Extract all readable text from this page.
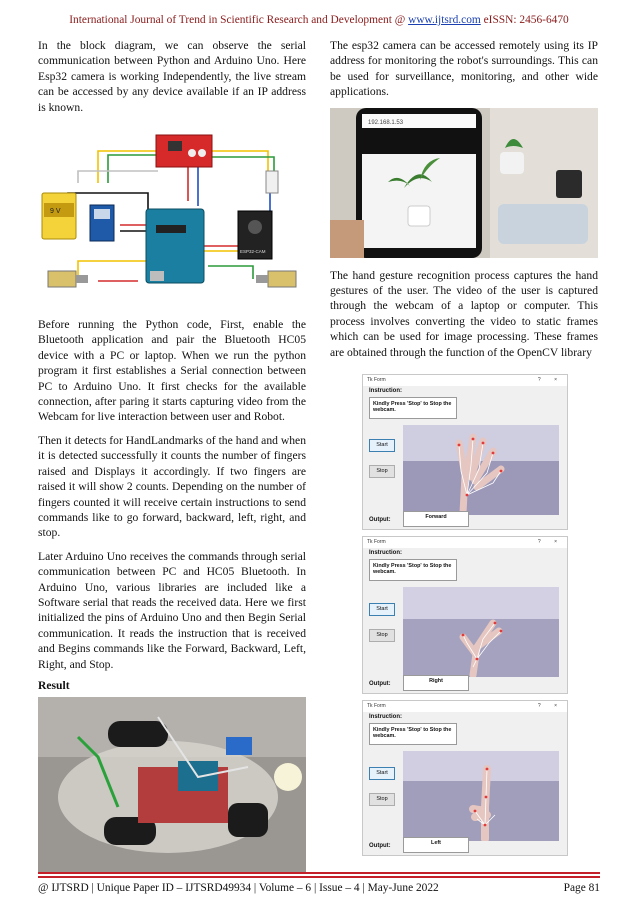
International Journal of Trend in Scientific Research and Development @ www.ijtsrd.com eISSN: 2456-6470

In the block diagram, we can observe the serial communication between Python and Arduino Uno. Here Esp32 camera is working Independently, the live stream can be accessed by any device available if an IP address is known.

9 V
ESP32-CAM

Before running the Python code, First, enable the Bluetooth application and pair the Bluetooth HC05 device with a PC or laptop. When we run the python program it first establishes a Serial connection between PC to Arduino Uno. It first checks for the available connection, after paring it starts capturing video from the Webcam for live interaction between user and Robot.

Then it detects for HandLandmarks of the hand and when it is detected successfully it counts the number of fingers raised and Displays it accordingly. If two fingers are raised it will show 2 counts. Depending on the number of fingers counted it will receive certain instructions to send commands like to go forward, backward, left, right, and stop.

Later Arduino Uno receives the commands through serial communication between PC and HC05 Bluetooth. In Arduino Uno, various libraries are included like a Software serial that reads the received data. Here we first initialized the pins of Arduino Uno and then Begin Serial communication. It reads the instruction that is received and Begins commands like the Forward, Backward, Left, Right, and Stop.

Result

The esp32 camera can be accessed remotely using its IP address for monitoring the robot's surroundings. This can be used for surveillance, monitoring, and other wide applications.

192.168.1.53

The hand gesture recognition process captures the hand gestures of the user. The video of the user is captured through the webcam of a laptop or computer. This process involves converting the video to static frames which can be used for image processing. These frames are obtained through the function of the OpenCV library

Tk Form	? ×
Instruction:
Kindly Press 'Stop' to Stop the webcam.
Start
Stop
Output:	Forward
Tk Form	? ×
Instruction:
Kindly Press 'Stop' to Stop the webcam.
Start
Stop
Output:	Right
Tk Form	? ×
Instruction:
Kindly Press 'Stop' to Stop the webcam.
Start
Stop
Output:	Left
@ IJTSRD | Unique Paper ID – IJTSRD49934 | Volume – 6 | Issue – 4 | May-June 2022	Page 81
